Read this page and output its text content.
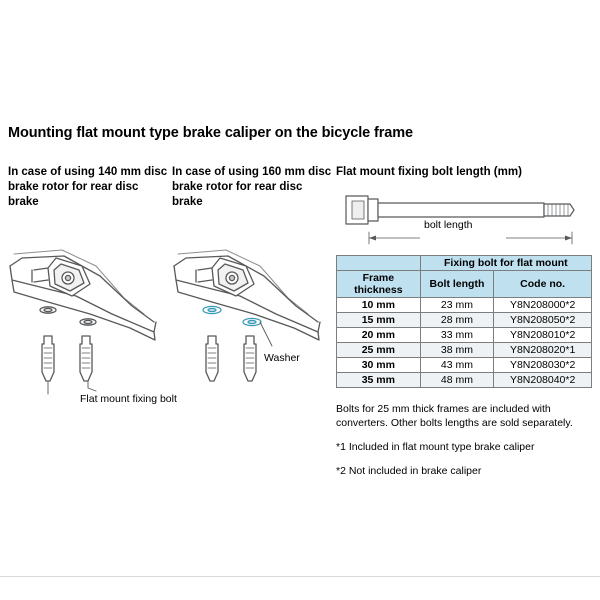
Mounting flat mount type brake caliper on the bicycle frame
In case of using 140 mm disc brake rotor for rear disc brake
In case of using 160 mm disc brake rotor for rear disc brake
Flat mount fixing bolt length (mm)
Flat mount fixing bolt
Washer
bolt length
	Fixing bolt for flat mount	
Frame thickness	Bolt length	Code no.
10 mm	23 mm	Y8N208000*2
15 mm	28 mm	Y8N208050*2
20 mm	33 mm	Y8N208010*2
25 mm	38 mm	Y8N208020*1
30 mm	43 mm	Y8N208030*2
35 mm	48 mm	Y8N208040*2
Bolts for 25 mm thick frames are included with converters. Other bolts lengths are sold separately.
*1 Included in flat mount type brake caliper
*2 Not included in brake caliper
